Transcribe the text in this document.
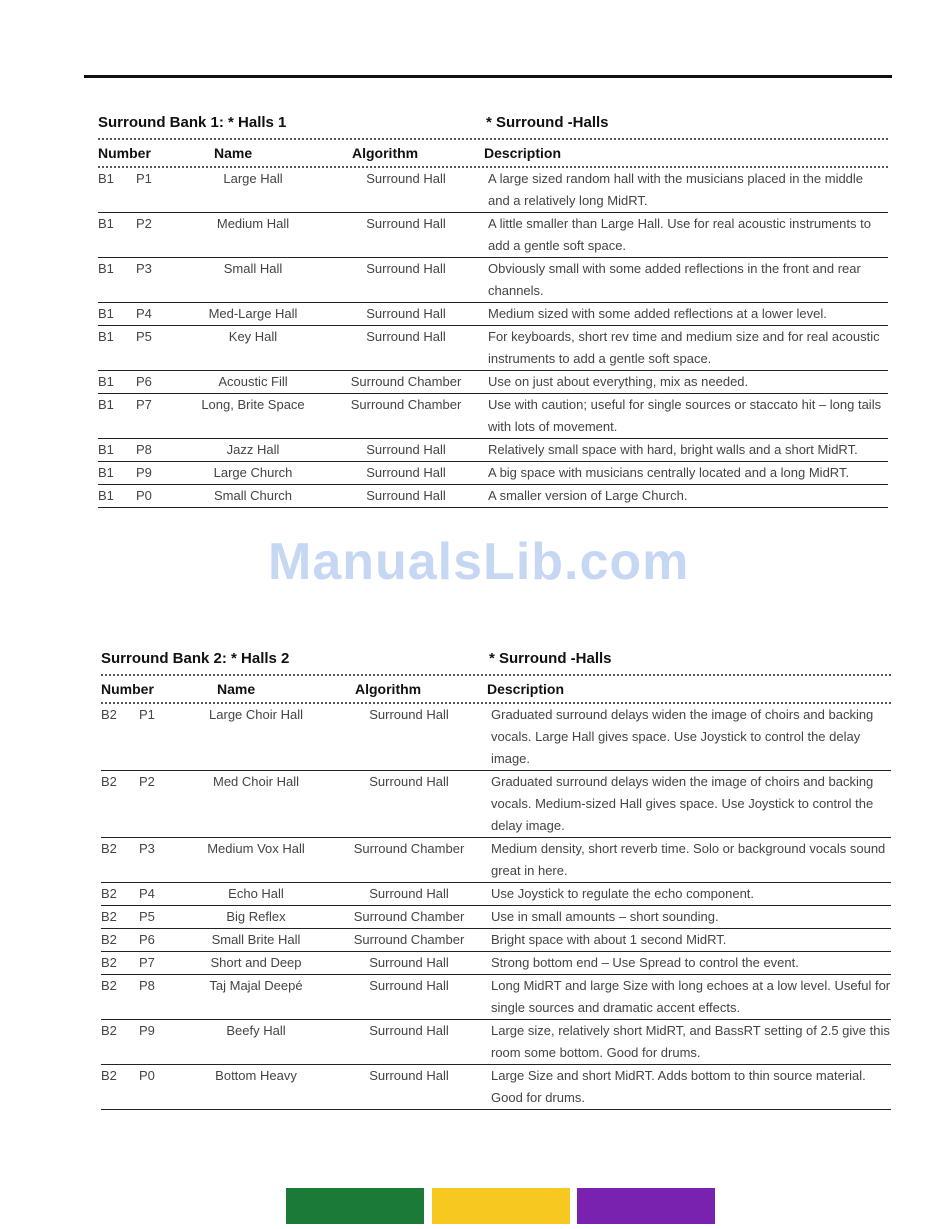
Surround Bank 1: * Halls 1	* Surround -Halls
Number	Name	Algorithm	Description
B1	P1	Large Hall	Surround Hall	A large sized random hall with the musicians placed in the middle and a relatively long MidRT.
B1	P2	Medium Hall	Surround Hall	A little smaller than Large Hall. Use for real acoustic instruments to add a gentle soft space.
B1	P3	Small Hall	Surround Hall	Obviously small with some added reflections in the front and rear channels.
B1	P4	Med-Large Hall	Surround Hall	Medium sized with some added reflections at a lower level.
B1	P5	Key Hall	Surround Hall	For keyboards, short rev time and medium size and for real acoustic instruments to add a gentle soft space.
B1	P6	Acoustic Fill	Surround Chamber	Use on just about everything, mix as needed.
B1	P7	Long, Brite Space	Surround Chamber	Use with caution; useful for single sources or staccato hit – long tails with lots of movement.
B1	P8	Jazz Hall	Surround Hall	Relatively small space with hard, bright walls and a short MidRT.
B1	P9	Large Church	Surround Hall	A big space with musicians centrally located and a long MidRT.
B1	P0	Small Church	Surround Hall	A smaller version of Large Church.
Surround Bank 2: * Halls 2	* Surround -Halls
Number	Name	Algorithm	Description
B2	P1	Large Choir Hall	Surround Hall	Graduated surround delays widen the image of choirs and backing vocals. Large Hall gives space. Use Joystick to control the delay image.
B2	P2	Med Choir Hall	Surround Hall	Graduated surround delays widen the image of choirs and backing vocals. Medium-sized Hall gives space. Use Joystick to control the delay image.
B2	P3	Medium Vox Hall	Surround Chamber	Medium density, short reverb time. Solo or background vocals sound great in here.
B2	P4	Echo Hall	Surround Hall	Use Joystick to regulate the echo component.
B2	P5	Big Reflex	Surround Chamber	Use in small amounts – short sounding.
B2	P6	Small Brite Hall	Surround Chamber	Bright space with about 1 second MidRT.
B2	P7	Short and Deep	Surround Hall	Strong bottom end – Use Spread to control the event.
B2	P8	Taj Majal Deepé	Surround Hall	Long MidRT and large Size with long echoes at a low level. Useful for single sources and dramatic accent effects.
B2	P9	Beefy Hall	Surround Hall	Large size, relatively short MidRT, and BassRT setting of 2.5 give this room some bottom. Good for drums.
B2	P0	Bottom Heavy	Surround Hall	Large Size and short MidRT. Adds bottom to thin source material. Good for drums.
ManualsLib.com
